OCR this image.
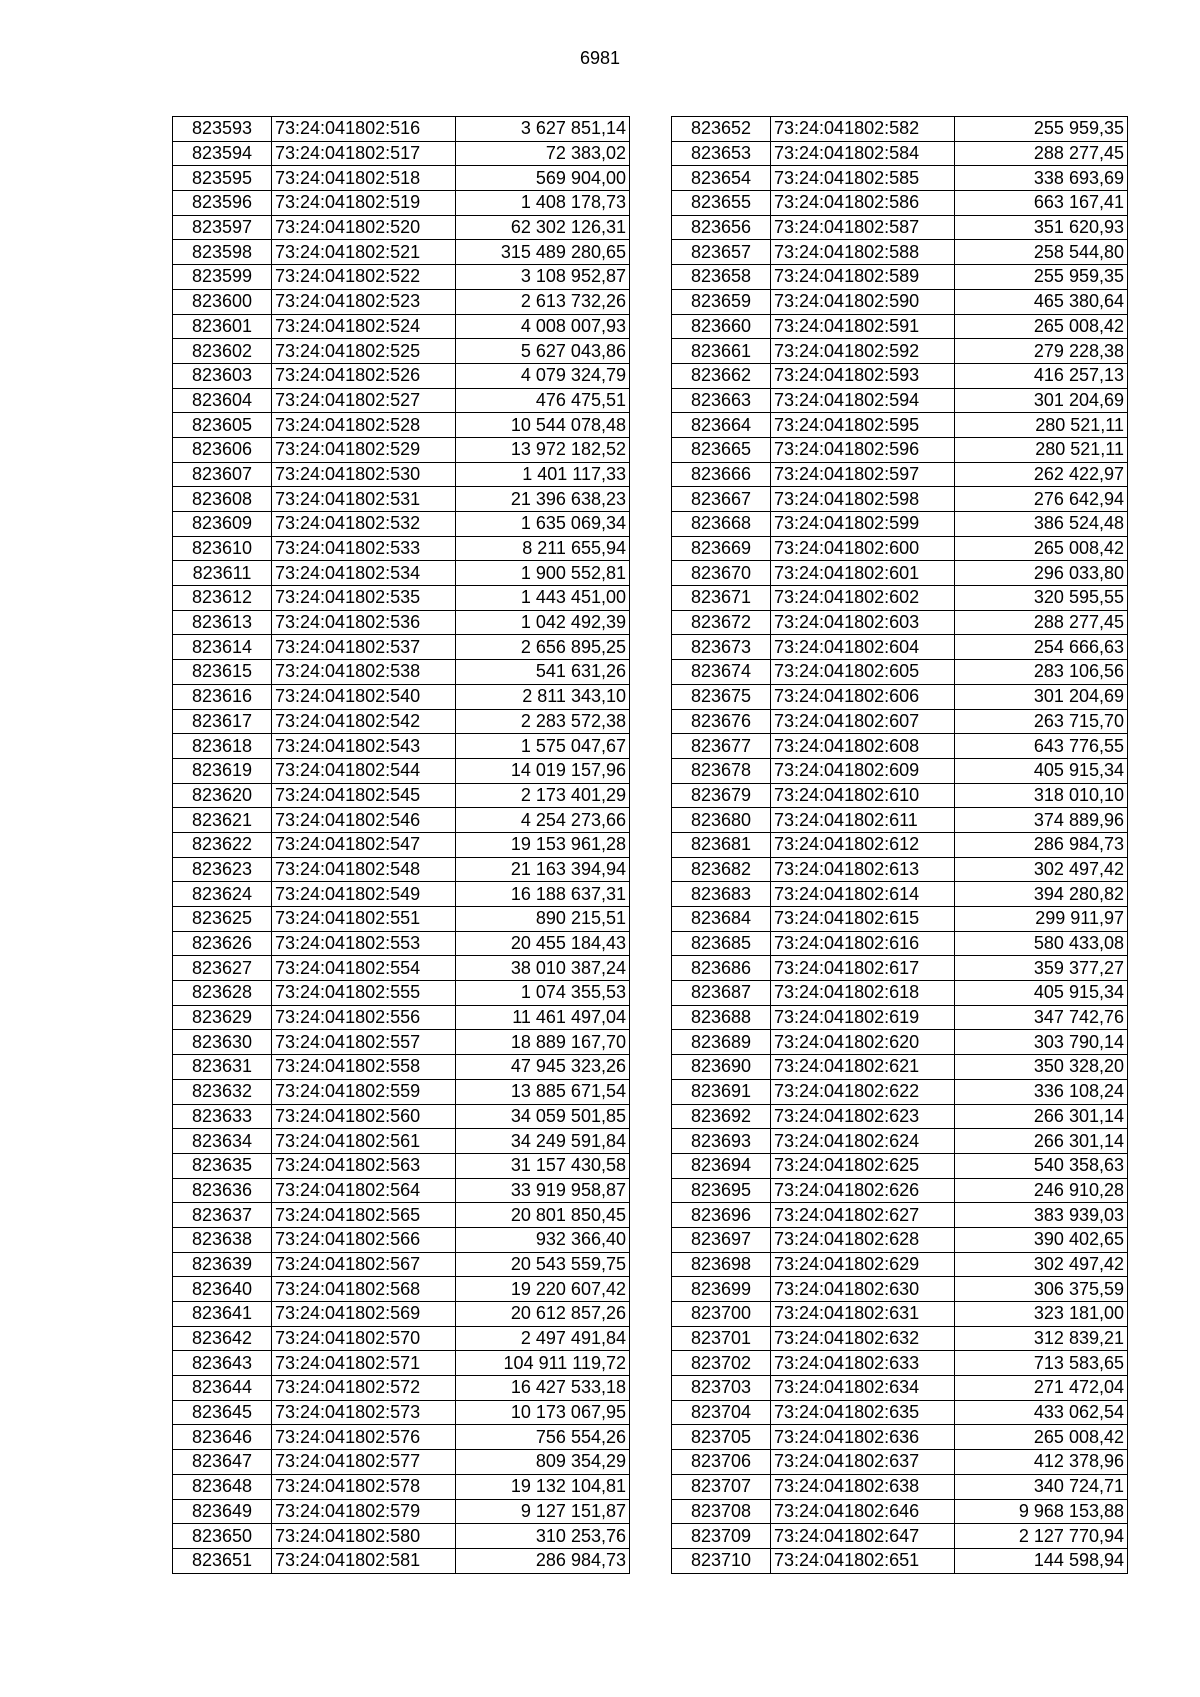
6981
823593	73:24:041802:516	3 627 851,14
823594	73:24:041802:517	72 383,02
823595	73:24:041802:518	569 904,00
823596	73:24:041802:519	1 408 178,73
823597	73:24:041802:520	62 302 126,31
823598	73:24:041802:521	315 489 280,65
823599	73:24:041802:522	3 108 952,87
823600	73:24:041802:523	2 613 732,26
823601	73:24:041802:524	4 008 007,93
823602	73:24:041802:525	5 627 043,86
823603	73:24:041802:526	4 079 324,79
823604	73:24:041802:527	476 475,51
823605	73:24:041802:528	10 544 078,48
823606	73:24:041802:529	13 972 182,52
823607	73:24:041802:530	1 401 117,33
823608	73:24:041802:531	21 396 638,23
823609	73:24:041802:532	1 635 069,34
823610	73:24:041802:533	8 211 655,94
823611	73:24:041802:534	1 900 552,81
823612	73:24:041802:535	1 443 451,00
823613	73:24:041802:536	1 042 492,39
823614	73:24:041802:537	2 656 895,25
823615	73:24:041802:538	541 631,26
823616	73:24:041802:540	2 811 343,10
823617	73:24:041802:542	2 283 572,38
823618	73:24:041802:543	1 575 047,67
823619	73:24:041802:544	14 019 157,96
823620	73:24:041802:545	2 173 401,29
823621	73:24:041802:546	4 254 273,66
823622	73:24:041802:547	19 153 961,28
823623	73:24:041802:548	21 163 394,94
823624	73:24:041802:549	16 188 637,31
823625	73:24:041802:551	890 215,51
823626	73:24:041802:553	20 455 184,43
823627	73:24:041802:554	38 010 387,24
823628	73:24:041802:555	1 074 355,53
823629	73:24:041802:556	11 461 497,04
823630	73:24:041802:557	18 889 167,70
823631	73:24:041802:558	47 945 323,26
823632	73:24:041802:559	13 885 671,54
823633	73:24:041802:560	34 059 501,85
823634	73:24:041802:561	34 249 591,84
823635	73:24:041802:563	31 157 430,58
823636	73:24:041802:564	33 919 958,87
823637	73:24:041802:565	20 801 850,45
823638	73:24:041802:566	932 366,40
823639	73:24:041802:567	20 543 559,75
823640	73:24:041802:568	19 220 607,42
823641	73:24:041802:569	20 612 857,26
823642	73:24:041802:570	2 497 491,84
823643	73:24:041802:571	104 911 119,72
823644	73:24:041802:572	16 427 533,18
823645	73:24:041802:573	10 173 067,95
823646	73:24:041802:576	756 554,26
823647	73:24:041802:577	809 354,29
823648	73:24:041802:578	19 132 104,81
823649	73:24:041802:579	9 127 151,87
823650	73:24:041802:580	310 253,76
823651	73:24:041802:581	286 984,73
823652	73:24:041802:582	255 959,35
823653	73:24:041802:584	288 277,45
823654	73:24:041802:585	338 693,69
823655	73:24:041802:586	663 167,41
823656	73:24:041802:587	351 620,93
823657	73:24:041802:588	258 544,80
823658	73:24:041802:589	255 959,35
823659	73:24:041802:590	465 380,64
823660	73:24:041802:591	265 008,42
823661	73:24:041802:592	279 228,38
823662	73:24:041802:593	416 257,13
823663	73:24:041802:594	301 204,69
823664	73:24:041802:595	280 521,11
823665	73:24:041802:596	280 521,11
823666	73:24:041802:597	262 422,97
823667	73:24:041802:598	276 642,94
823668	73:24:041802:599	386 524,48
823669	73:24:041802:600	265 008,42
823670	73:24:041802:601	296 033,80
823671	73:24:041802:602	320 595,55
823672	73:24:041802:603	288 277,45
823673	73:24:041802:604	254 666,63
823674	73:24:041802:605	283 106,56
823675	73:24:041802:606	301 204,69
823676	73:24:041802:607	263 715,70
823677	73:24:041802:608	643 776,55
823678	73:24:041802:609	405 915,34
823679	73:24:041802:610	318 010,10
823680	73:24:041802:611	374 889,96
823681	73:24:041802:612	286 984,73
823682	73:24:041802:613	302 497,42
823683	73:24:041802:614	394 280,82
823684	73:24:041802:615	299 911,97
823685	73:24:041802:616	580 433,08
823686	73:24:041802:617	359 377,27
823687	73:24:041802:618	405 915,34
823688	73:24:041802:619	347 742,76
823689	73:24:041802:620	303 790,14
823690	73:24:041802:621	350 328,20
823691	73:24:041802:622	336 108,24
823692	73:24:041802:623	266 301,14
823693	73:24:041802:624	266 301,14
823694	73:24:041802:625	540 358,63
823695	73:24:041802:626	246 910,28
823696	73:24:041802:627	383 939,03
823697	73:24:041802:628	390 402,65
823698	73:24:041802:629	302 497,42
823699	73:24:041802:630	306 375,59
823700	73:24:041802:631	323 181,00
823701	73:24:041802:632	312 839,21
823702	73:24:041802:633	713 583,65
823703	73:24:041802:634	271 472,04
823704	73:24:041802:635	433 062,54
823705	73:24:041802:636	265 008,42
823706	73:24:041802:637	412 378,96
823707	73:24:041802:638	340 724,71
823708	73:24:041802:646	9 968 153,88
823709	73:24:041802:647	2 127 770,94
823710	73:24:041802:651	144 598,94
